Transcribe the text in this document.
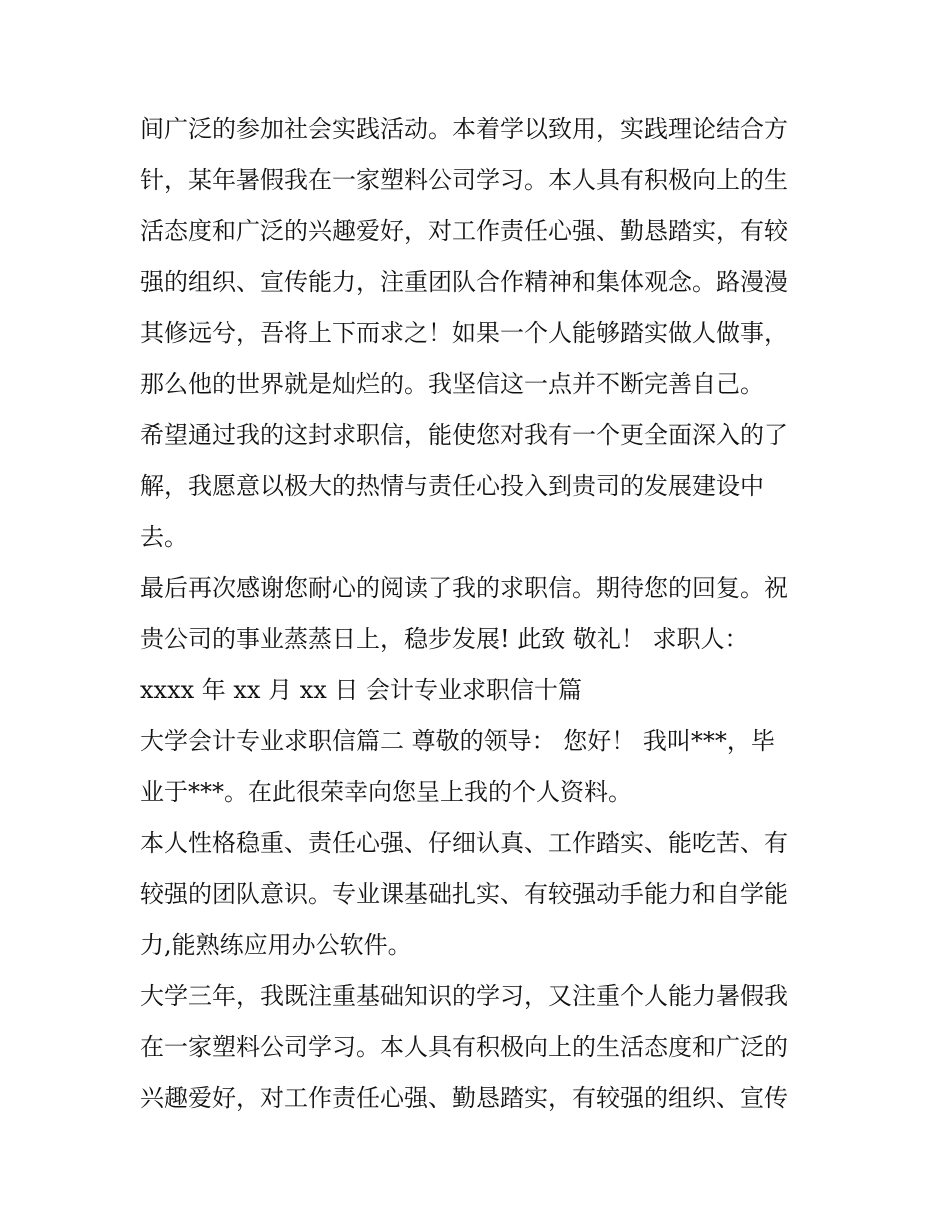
间广泛的参加社会实践活动。本着学以致用，实践理论结合方
针，某年暑假我在一家塑料公司学习。本人具有积极向上的生
活态度和广泛的兴趣爱好，对工作责任心强、勤恳踏实，有较
强的组织、宣传能力，注重团队合作精神和集体观念。路漫漫
其修远兮，吾将上下而求之！如果一个人能够踏实做人做事，
那么他的世界就是灿烂的。我坚信这一点并不断完善自己。
希望通过我的这封求职信，能使您对我有一个更全面深入的了
解，我愿意以极大的热情与责任心投入到贵司的发展建设中
去。
最后再次感谢您耐心的阅读了我的求职信。期待您的回复。祝
贵公司的事业蒸蒸日上，稳步发展! 此致 敬礼！ 求职人：
xxxx 年 xx 月 xx 日 会计专业求职信十篇
大学会计专业求职信篇二 尊敬的领导： 您好！ 我叫***，毕
业于***。在此很荣幸向您呈上我的个人资料。
本人性格稳重、责任心强、仔细认真、工作踏实、能吃苦、有
较强的团队意识。专业课基础扎实、有较强动手能力和自学能
力,能熟练应用办公软件。
大学三年，我既注重基础知识的学习，又注重个人能力暑假我
在一家塑料公司学习。本人具有积极向上的生活态度和广泛的
兴趣爱好，对工作责任心强、勤恳踏实，有较强的组织、宣传
